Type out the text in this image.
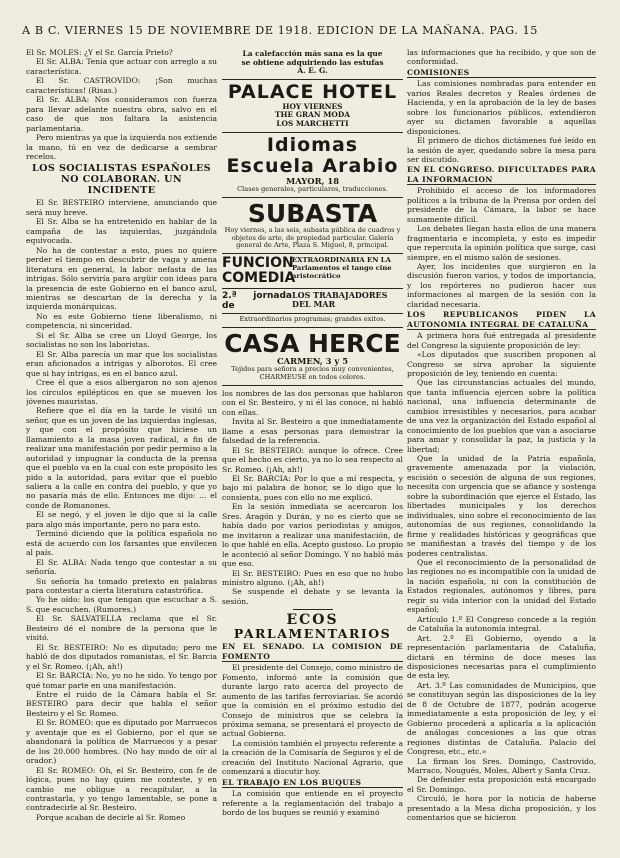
A B C. VIERNES 15 DE NOVIEMBRE DE 1918. EDICION DE LA MAÑANA. PAG. 15

El Sr. MOLES: ¿Y el Sr. García Prieto?

El Sr. ALBA: Tenía que actuar con arreglo a su característica.

El Sr. CASTROVIDO: ¡Son muchas características! (Risas.)

El Sr. ALBA: Nos consideramos con fuerza para llevar adelante nuestra obra, salvo en el caso de que nos faltara la asistencia parlamentaria.

Pero mientras ya que la izquierda nos extiende la mano, tú en vez de dedicarse a sembrar recelos.

LOS SOCIALISTAS ESPAÑOLES NO COLABORAN. UN INCIDENTE

El Sr. BESTEIRO interviene, anunciando que será muy breve.

El Sr. Alba se ha entretenido en hablar de la campaña de las izquierdas, juzgándola equivocada.

No ha de contestar a esto, pues no quiere perder el tiempo en descubrir de vaga y amena literatura en general, la labor nefasta de las intrigas. Sólo serviría para argüir con ideas para la presencia de este Gobierno en el banco azul, mientras se descartan de la derecha y la izquierda monárquicas.

No es este Gobierno tiene liberalismo, ni competencia, ni sinceridad.

Si el Sr. Alba se cree un Lloyd George, los socialistas no son los laboristas.

El Sr. Alba parecía un mar que los socialistas eran aficionados a intrigas y alborotos. El cree que si hay intrigas, es en el banco azul.

Cree él que a esos albergaron no son ajenos los circulos epilépticos en que se mueven los jóvenes mauristas.

Refiere que el día en la tarde le visitó un señor, que es un joven de las izquierdas inglesas, y que con el propósito que hiciese un llamamiento a la masa joven radical, a fin de realizar una manifestación por pedir permiso a la autoridad y impugnar la conducta de la prensa que el pueblo va en la cual con este propósito les pido a la autoridad, para evitar que el pueblo saliera a la calle en contra del pueblo, y que yo no pasaría más de ello. Entonces me dijo: ... el conde de Romanones.

El se negó, y el joven le dijo que si la calle para algo más importante, pero no para esto.

Terminó diciendo que la política española no está de acuerdo con los farsantes que envilecen al país.

El Sr. ALBA: Nada tengo que contestar a su señoría.

Su señoría ha tomado pretexto en palabras para contestar a cierta literatura catastrófica.

Yo he oído: los que tengan que escuchar a S. S. que escuchen. (Rumores.)

El Sr. SALVATELLA reclama que el Sr. Besteiro dé el nombre de la persona que le visitó.

El Sr. BESTEIRO: No es diputado; pero me habló de dos diputados romanistas, el Sr. Barcia y el Sr. Romeo. (¡Ah, ah!)

El Sr. BARCIA: No, yo no he sido. Yo tengo por qué tomar parte en una manifestación.

Entre el ruido de la Cámara habla el Sr. BESTEIRO para decir que habla el señor Besteiro y el Sr. Romeo.

El Sr. ROMEO: que es diputado por Marruecos y aventaje que es el Gobierno, por el que se abandonará la política de Marruecos y a pesar de los 20.000 hombres. (No hay modo de oír al orador.)

El Sr. ROMEO: Oh, el Sr. Besteiro, con fe de lógica, pues no hay quien me conteste, y en cambio me obligue a recapitular, a la contrastarla, y yo tengo lamentable, se pone a contradecirle al Sr. Besteiro.

Porque acaban de decirle al Sr. Romeo

La calefacción más sana es la que
se obtiene adquiriendo las estufas
A. E. G.
PALACE HOTEL
HOY VIERNES
THE GRAN MODA
LOS MARCHETTI
Idiomas
Escuela Arabio
MAYOR, 18
Clases generales, particulares, traducciones.
SUBASTA
Hoy viernes, a las seis, subasta pública de cuadros y objetos de arte, de propiedad particular. Galería general de Arte, Plaza S. Miguel, 8, principal.
FUNCION COMEDIA
EXTRAORDINARIA EN LA Parlamentos el tango cine aristocrático
2.ª jornada de
LOS TRABAJADORES DEL MAR
Extraordinarios programas; grandes exitos.
CASA HERCE
CARMEN, 3 y 5
Tejidos para señora a precios muy convenientes, CHARMEUSE en todos colores.

los nombres de las dos personas que hablaron con el Sr. Besteiro, y ni él las conoce, ni habló con ellas.

Invita al Sr. Besteiro a que inmediatamente llame a esas personas para demostrar la falsedad de la referencia.

El Sr. BESTEIRO: aunque lo ofrece. Cree que el hecho es cierto, ya no lo sea respecto al Sr. Romeo. (¡Ah, ah!)

El Sr. BARCIA: Por lo que a mí respecta, y bajo mi palabra de honor, se lo digo que lo consienta, pues con ello no me explicó.

En la sesión inmediata se acercaron los Sres. Aragón y Durán, y no es cierto que se había dado por varios periodistas y amigos, me invitaron a realizar una manifestación, de lo que hablé en ella. Acepto gustoso. Lo propio le aconteció al señor Domingo. Y no habló más que eso.

El Sr. BESTEIRO: Pues en eso que no hubo ministro alguno. (¡Ah, ah!)

Se suspende el debate y se levanta la sesión.

ECOS
PARLAMENTARIOS
EN EL SENADO. LA COMISION DE FOMENTO

El presidente del Consejo, como ministro de Fomento, informó ante la comisión que durante largo rato acerca del proyecto de aumento de las tarifas ferroviarias. Se acordó que la comisión en el próximo estudio del Consejo de ministros que se celebra la próxima semana, se presentará el proyecto de actual Gobierno.

La comisión también el proyecto referente a la creación de la Comisaría de Seguros y el de creación del Instituto Nacional Agrario, que comenzará a discutir hoy.

EL TRABAJO EN LOS BUQUES

La comisión que entiende en el proyecto referente a la reglamentación del trabajo a bordo de los buques se reunió y examinó

las informaciones que ha recibido, y que son de conformidad.

COMISIONES

Las comisiones nombradas para entender en varios Reales decretos y Reales órdenes de Hacienda, y en la aprobación de la ley de bases sobre los funcionarios públicos, extendieron ayer su dictamen favorable a aquellas disposiciones.

El primero de dichos dictámenes fué leído en la sesión de ayer, quedando sobre la mesa para ser discutido.

EN EL CONGRESO. DIFICULTADES PARA LA INFORMACION

Prohibido el acceso de los informadores políticos a la tribuna de la Prensa por orden del presidente de la Cámara, la labor se hace sumamente difícil.

Los debates llegan hasta ellos de una manera fragmentaria e incompleta, y esto es impedir que repercuta la opinión política que surge, casi siempre, en el mismo salón de sesiones.

Ayer, los incidentes que surgieron en la discusión fueron varios, y todos de importancia, y los repórteres no pudieron hacer sus informaciones al margen de la sesión con la claridad necesaria.

LOS REPUBLICANOS PIDEN LA AUTONOMIA INTEGRAL DE CATALUÑA

A primera hora fué entregada al presidente del Congreso la siguiente proposición de ley:

«Los diputados que suscriben proponen al Congreso se sirva aprobar la siguiente proposición de ley, teniendo en cuenta:

Que las circunstancias actuales del mundo, que tanta influencia ejercen sobre la política nacional, una influencia determinante de cambios irresistibles y necesarios, para acabar de una vez la organización del Estado español al conocimiento de los pueblos que van a asociarse para amar y consolidar la paz, la justicia y la libertad;

Que la unidad de la Patria española, gravemente amenazada por la violación, escisión o secesión de alguna de sus regiones, necesita con urgencia que se afiance y sostenga sobre la subordinación que ejerce el Estado, las libertades municipales y los derechos individuales, sino sobre el reconocimiento de las autonomías de sus regiones, consolidando la firme y realidades históricas y geográficas que se manifiestan a través del tiempo y de los poderes centralistas.

Que el reconocimiento de la personalidad de las regiones no es incompatible con la unidad de la nación española, ni con la constitución de Estados regionales, autónomos y libres, para regir su vida interior con la unidad del Estado español;

Artículo 1.º El Congreso concede a la región de Cataluña la autonomía integral.

Art. 2.º El Gobierno, oyendo a la representación parlamentaria de Cataluña, dictará en término de doce meses las disposiciones necesarias para el cumplimiento de esta ley.

Art. 3.º Las comunidades de Municipios, que se constituyan según las disposiciones de la ley de 8 de Octubre de 1877, podrán acogerse inmediatamente a esta proposición de ley, y el Gobierno procederá a aplicarla a la aplicación de análogas concesiones a las que otras regiones distintas de Cataluña. Palacio del Congreso, etc., etc.»

La firman los Sres. Domingo, Castrovido, Marraco, Nougués, Moles, Albert y Santa Cruz.

De defender esta proposición está encargado el Sr. Domingo.

Circuló, le hora por la noticia de haberse presentado a la Mesa dicha proposición, y los comentarios que se hicieron
